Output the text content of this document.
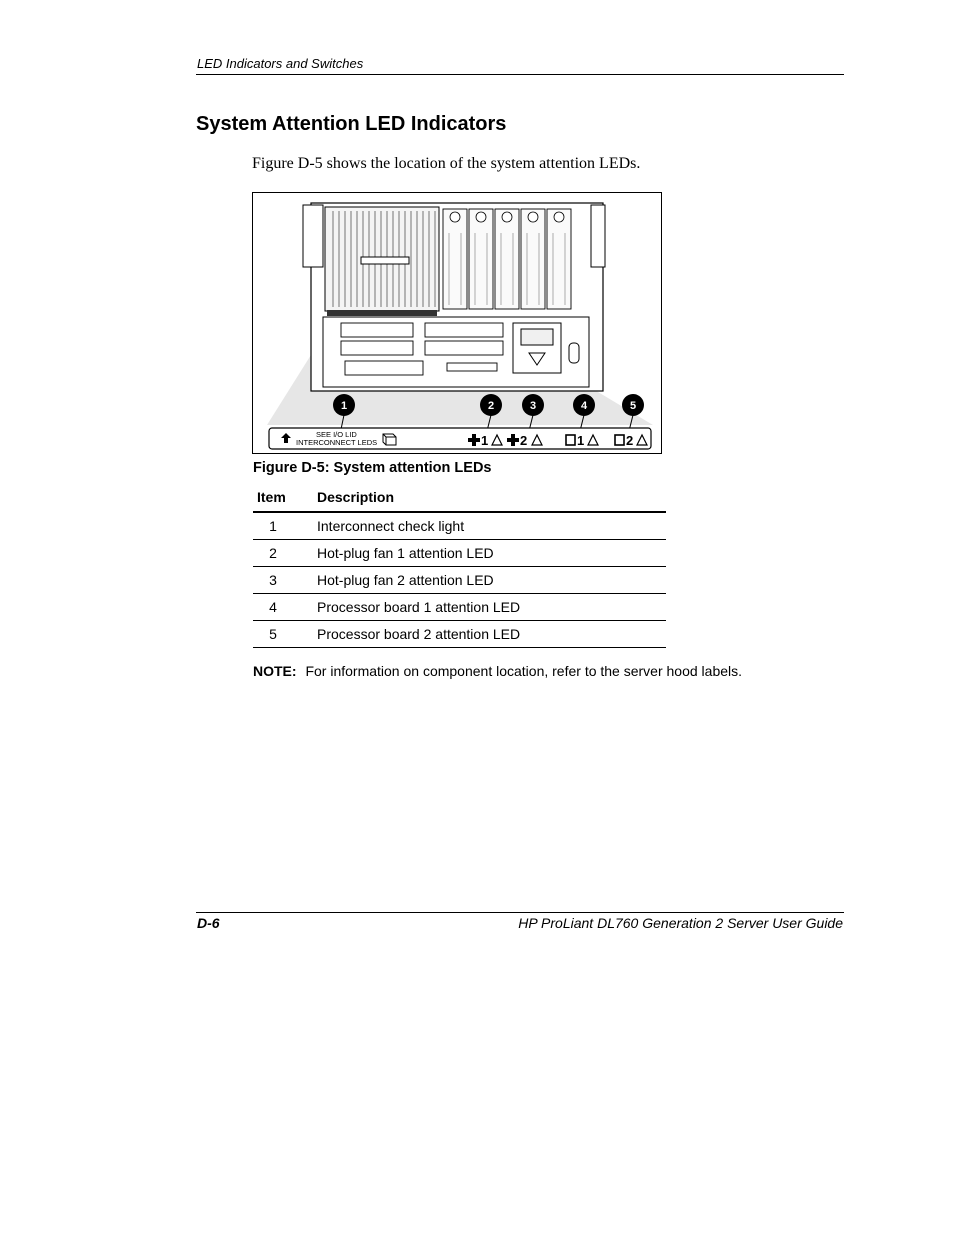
LED Indicators and Switches
System Attention LED Indicators
Figure D-5 shows the location of the system attention LEDs.
1	2	3	4	5
SEE I/O LID
INTERCONNECT LEDS	1 2	1	2
Figure D-5: System attention LEDs
Item	Description
1	Interconnect check light
2	Hot-plug fan 1 attention LED
3	Hot-plug fan 2 attention LED
4	Processor board 1 attention LED
5	Processor board 2 attention LED
NOTE: For information on component location, refer to the server hood labels.
D-6	HP ProLiant DL760 Generation 2 Server User Guide
